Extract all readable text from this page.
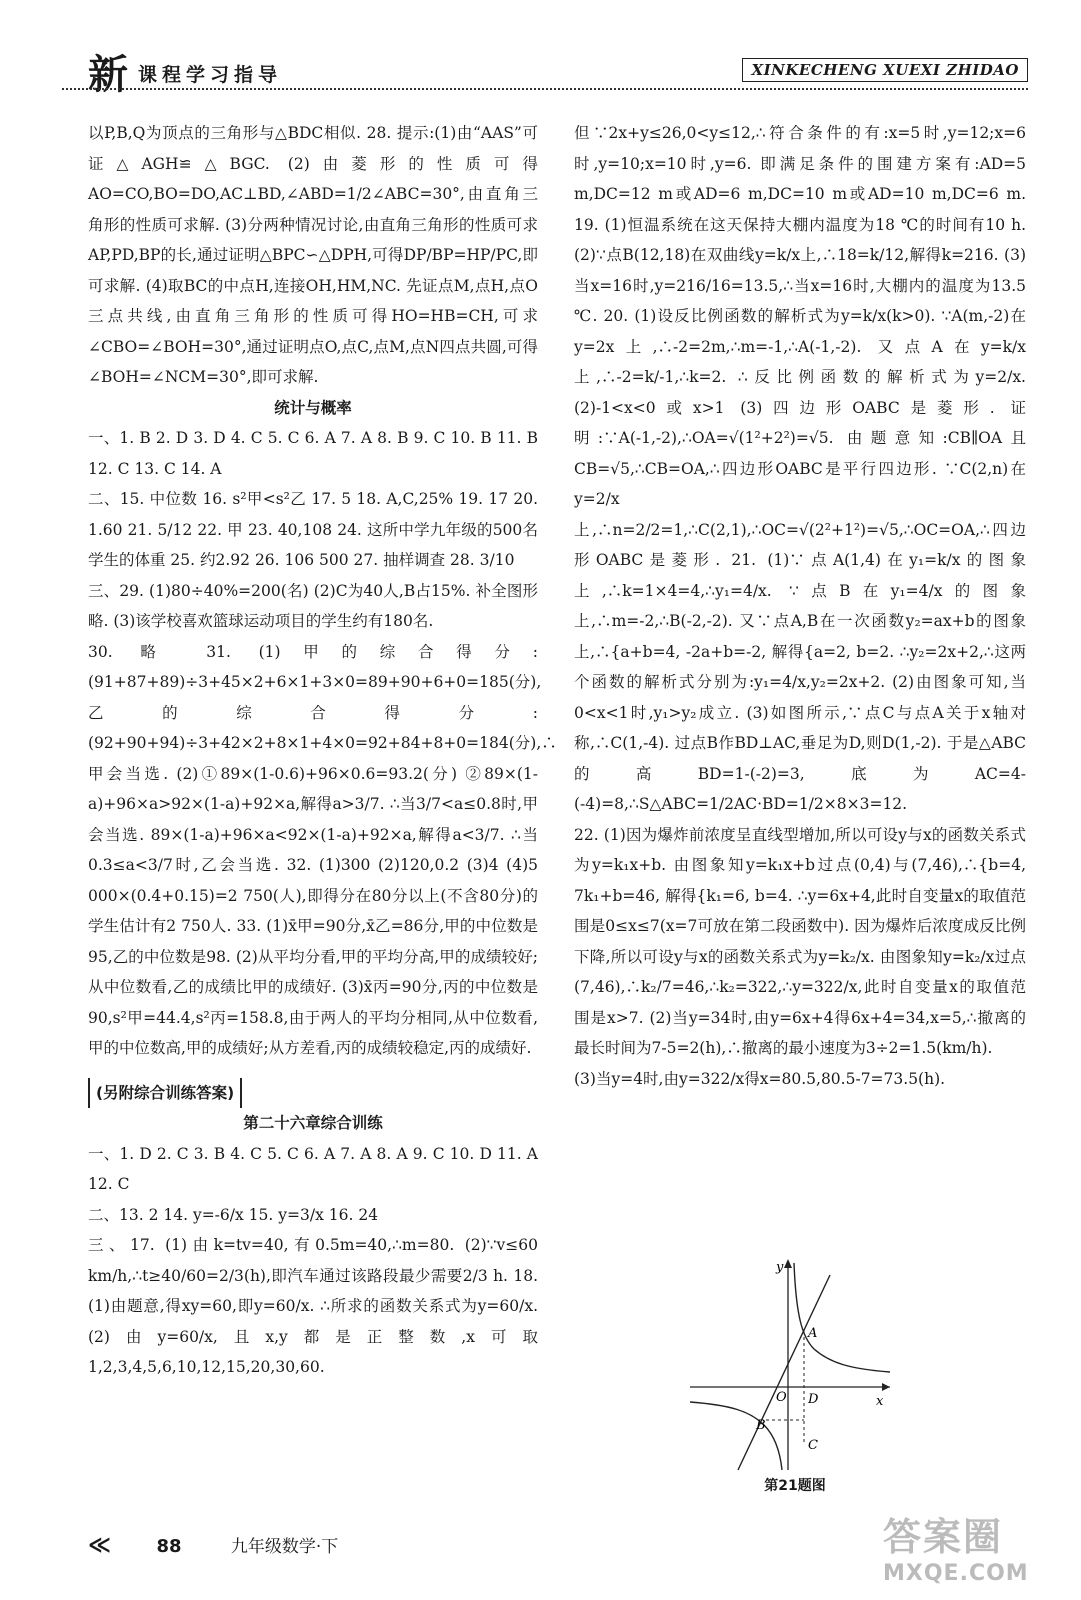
新 课程学习指导	XINKECHENG XUEXI ZHIDAO

以P,B,Q为顶点的三角形与△BDC相似. 28. 提示:(1)由“AAS”可证△AGH≌△BGC. (2)由菱形的性质可得AO=CO,BO=DO,AC⊥BD,∠ABD=1/2∠ABC=30°,由直角三角形的性质可求解. (3)分两种情况讨论,由直角三角形的性质可求AP,PD,BP的长,通过证明△BPC∽△DPH,可得DP/BP=HP/PC,即可求解. (4)取BC的中点H,连接OH,HM,NC. 先证点M,点H,点O三点共线,由直角三角形的性质可得HO=HB=CH,可求∠CBO=∠BOH=30°,通过证明点O,点C,点M,点N四点共圆,可得∠BOH=∠NCM=30°,即可求解.

统计与概率

一、1. B 2. D 3. D 4. C 5. C 6. A 7. A 8. B 9. C 10. B 11. B 12. C 13. C 14. A

二、15. 中位数 16. s²甲<s²乙 17. 5 18. A,C,25% 19. 17 20. 1.60 21. 5/12 22. 甲 23. 40,108 24. 这所中学九年级的500名学生的体重 25. 约2.92 26. 106 500 27. 抽样调查 28. 3/10

三、29. (1)80÷40%=200(名) (2)C为40人,B占15%. 补全图形略. (3)该学校喜欢篮球运动项目的学生约有180名.

30. 略 31. (1)甲的综合得分:(91+87+89)÷3+45×2+6×1+3×0=89+90+6+0=185(分),乙的综合得分:(92+90+94)÷3+42×2+8×1+4×0=92+84+8+0=184(分),∴甲会当选. (2)①89×(1-0.6)+96×0.6=93.2(分) ②89×(1-a)+96×a>92×(1-a)+92×a,解得a>3/7. ∴当3/7<a≤0.8时,甲会当选. 89×(1-a)+96×a<92×(1-a)+92×a,解得a<3/7. ∴当0.3≤a<3/7时,乙会当选. 32. (1)300 (2)120,0.2 (3)4 (4)5 000×(0.4+0.15)=2 750(人),即得分在80分以上(不含80分)的学生估计有2 750人. 33. (1)x̄甲=90分,x̄乙=86分,甲的中位数是95,乙的中位数是98. (2)从平均分看,甲的平均分高,甲的成绩较好;从中位数看,乙的成绩比甲的成绩好. (3)x̄丙=90分,丙的中位数是90,s²甲=44.4,s²丙=158.8,由于两人的平均分相同,从中位数看,甲的中位数高,甲的成绩好;从方差看,丙的成绩较稳定,丙的成绩好.

(另附综合训练答案)
第二十六章综合训练

一、1. D 2. C 3. B 4. C 5. C 6. A 7. A 8. A 9. C 10. D 11. A 12. C

二、13. 2 14. y=-6/x 15. y=3/x 16. 24

三、17. (1)由k=tv=40,有0.5m=40,∴m=80. (2)∵v≤60 km/h,∴t≥40/60=2/3(h),即汽车通过该路段最少需要2/3 h. 18. (1)由题意,得xy=60,即y=60/x. ∴所求的函数关系式为y=60/x. (2)由y=60/x,且x,y都是正整数,x可取1,2,3,4,5,6,10,12,15,20,30,60.

但∵2x+y≤26,0<y≤12,∴符合条件的有:x=5时,y=12;x=6时,y=10;x=10时,y=6. 即满足条件的围建方案有:AD=5 m,DC=12 m或AD=6 m,DC=10 m或AD=10 m,DC=6 m. 19. (1)恒温系统在这天保持大棚内温度为18 ℃的时间有10 h. (2)∵点B(12,18)在双曲线y=k/x上,∴18=k/12,解得k=216. (3)当x=16时,y=216/16=13.5,∴当x=16时,大棚内的温度为13.5 ℃. 20. (1)设反比例函数的解析式为y=k/x(k>0). ∵A(m,-2)在y=2x上,∴-2=2m,∴m=-1,∴A(-1,-2). 又点A在y=k/x上,∴-2=k/-1,∴k=2. ∴反比例函数的解析式为y=2/x. (2)-1<x<0或x>1 (3)四边形OABC是菱形. 证明:∵A(-1,-2),∴OA=√(1²+2²)=√5. 由题意知:CB∥OA且CB=√5,∴CB=OA,∴四边形OABC是平行四边形. ∵C(2,n)在y=2/x上,∴n=2/2=1,∴C(2,1),∴OC=√(2²+1²)=√5,∴OC=OA,∴四边形OABC是菱形. 21. (1)∵点A(1,4)在y₁=k/x的图象上,∴k=1×4=4,∴y₁=4/x. ∵点B在y₁=4/x的图象上,∴m=-2,∴B(-2,-2). 又∵点A,B在一次函数y₂=ax+b的图象上,∴{a+b=4, -2a+b=-2, 解得{a=2, b=2. ∴y₂=2x+2,∴这两个函数的解析式分别为:y₁=4/x,y₂=2x+2. (2)由图象可知,当0<x<1时,y₁>y₂成立. (3)如图所示,∵点C与点A关于x轴对称,∴C(1,-4). 过点B作BD⊥AC,垂足为D,则D(1,-2). 于是△ABC的高BD=1-(-2)=3,底为AC=4-(-4)=8,∴S△ABC=1/2AC·BD=1/2×8×3=12.

22. (1)因为爆炸前浓度呈直线型增加,所以可设y与x的函数关系式为y=k₁x+b. 由图象知y=k₁x+b过点(0,4)与(7,46),∴{b=4, 7k₁+b=46, 解得{k₁=6, b=4. ∴y=6x+4,此时自变量x的取值范围是0≤x≤7(x=7可放在第二段函数中). 因为爆炸后浓度成反比例下降,所以可设y与x的函数关系式为y=k₂/x. 由图象知y=k₂/x过点(7,46),∴k₂/7=46,∴k₂=322,∴y=322/x,此时自变量x的取值范围是x>7. (2)当y=34时,由y=6x+4得6x+4=34,x=5,∴撤离的最长时间为7-5=2(h),∴撤离的最小速度为3÷2=1.5(km/h).

(3)当y=4时,由y=322/x得x=80.5,80.5-7=73.5(h).

y
x
A
O D
B
C
第21题图
≪	88	九年级数学·下	答案圈
MXQE.COM
